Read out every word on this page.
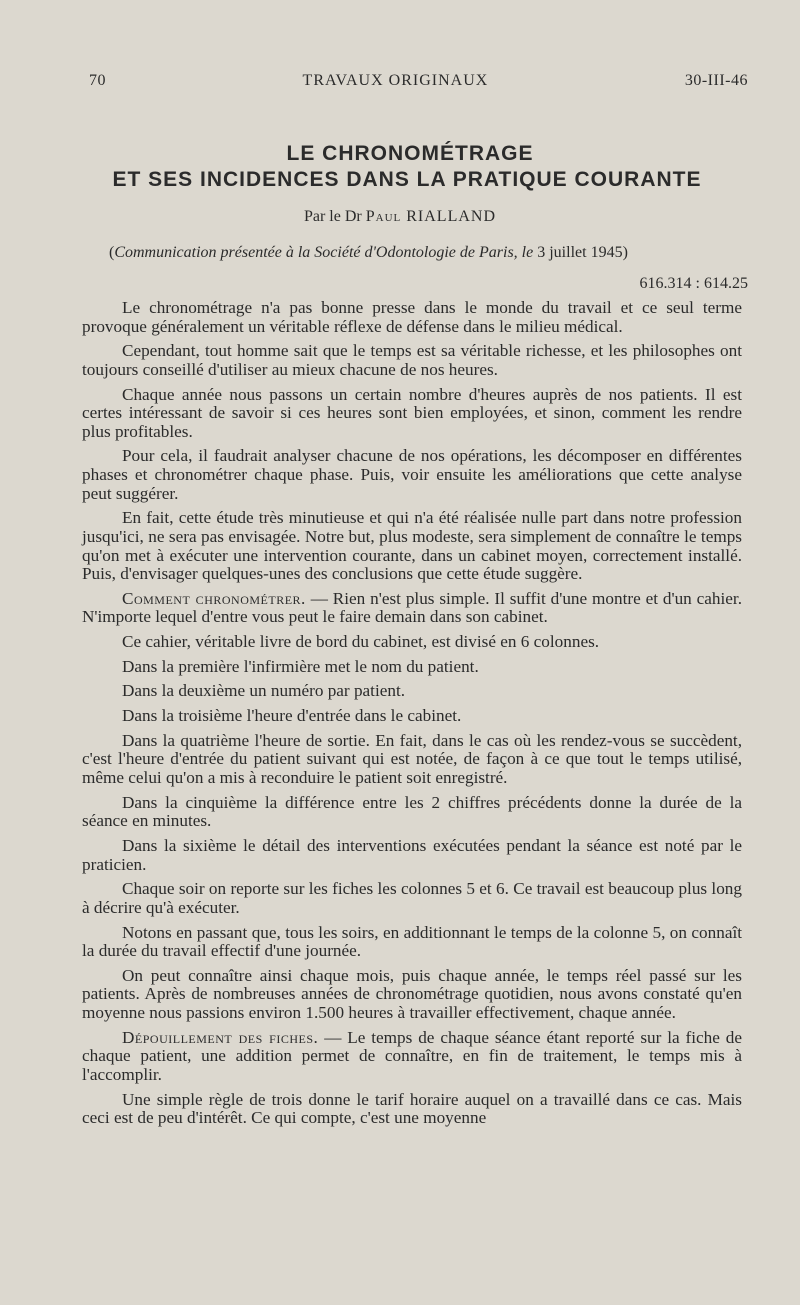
70	TRAVAUX ORIGINAUX	30-III-46
LE CHRONOMÉTRAGE
ET SES INCIDENCES DANS LA PRATIQUE COURANTE
Par le Dr Paul RIALLAND
(Communication présentée à la Société d'Odontologie de Paris, le 3 juillet 1945)
616.314 : 614.25

Le chronométrage n'a pas bonne presse dans le monde du travail et ce seul terme provoque généralement un véritable réflexe de défense dans le milieu médical.

Cependant, tout homme sait que le temps est sa véritable richesse, et les philosophes ont toujours conseillé d'utiliser au mieux chacune de nos heures.

Chaque année nous passons un certain nombre d'heures auprès de nos patients. Il est certes intéressant de savoir si ces heures sont bien employées, et sinon, comment les rendre plus profitables.

Pour cela, il faudrait analyser chacune de nos opérations, les décomposer en différentes phases et chronométrer chaque phase. Puis, voir ensuite les améliorations que cette analyse peut suggérer.

En fait, cette étude très minutieuse et qui n'a été réalisée nulle part dans notre profession jusqu'ici, ne sera pas envisagée. Notre but, plus modeste, sera simplement de connaître le temps qu'on met à exécuter une intervention courante, dans un cabinet moyen, correctement installé. Puis, d'envisager quelques-unes des conclusions que cette étude suggère.

Comment chronométrer. — Rien n'est plus simple. Il suffit d'une montre et d'un cahier. N'importe lequel d'entre vous peut le faire demain dans son cabinet.

Ce cahier, véritable livre de bord du cabinet, est divisé en 6 colonnes.

Dans la première l'infirmière met le nom du patient.

Dans la deuxième un numéro par patient.

Dans la troisième l'heure d'entrée dans le cabinet.

Dans la quatrième l'heure de sortie. En fait, dans le cas où les rendez-vous se succèdent, c'est l'heure d'entrée du patient suivant qui est notée, de façon à ce que tout le temps utilisé, même celui qu'on a mis à reconduire le patient soit enregistré.

Dans la cinquième la différence entre les 2 chiffres précédents donne la durée de la séance en minutes.

Dans la sixième le détail des interventions exécutées pendant la séance est noté par le praticien.

Chaque soir on reporte sur les fiches les colonnes 5 et 6. Ce travail est beaucoup plus long à décrire qu'à exécuter.

Notons en passant que, tous les soirs, en additionnant le temps de la colonne 5, on connaît la durée du travail effectif d'une journée.

On peut connaître ainsi chaque mois, puis chaque année, le temps réel passé sur les patients. Après de nombreuses années de chronométrage quotidien, nous avons constaté qu'en moyenne nous passions environ 1.500 heures à travailler effectivement, chaque année.

Dépouillement des fiches. — Le temps de chaque séance étant reporté sur la fiche de chaque patient, une addition permet de connaître, en fin de traitement, le temps mis à l'accomplir.

Une simple règle de trois donne le tarif horaire auquel on a travaillé dans ce cas. Mais ceci est de peu d'intérêt. Ce qui compte, c'est une moyenne
